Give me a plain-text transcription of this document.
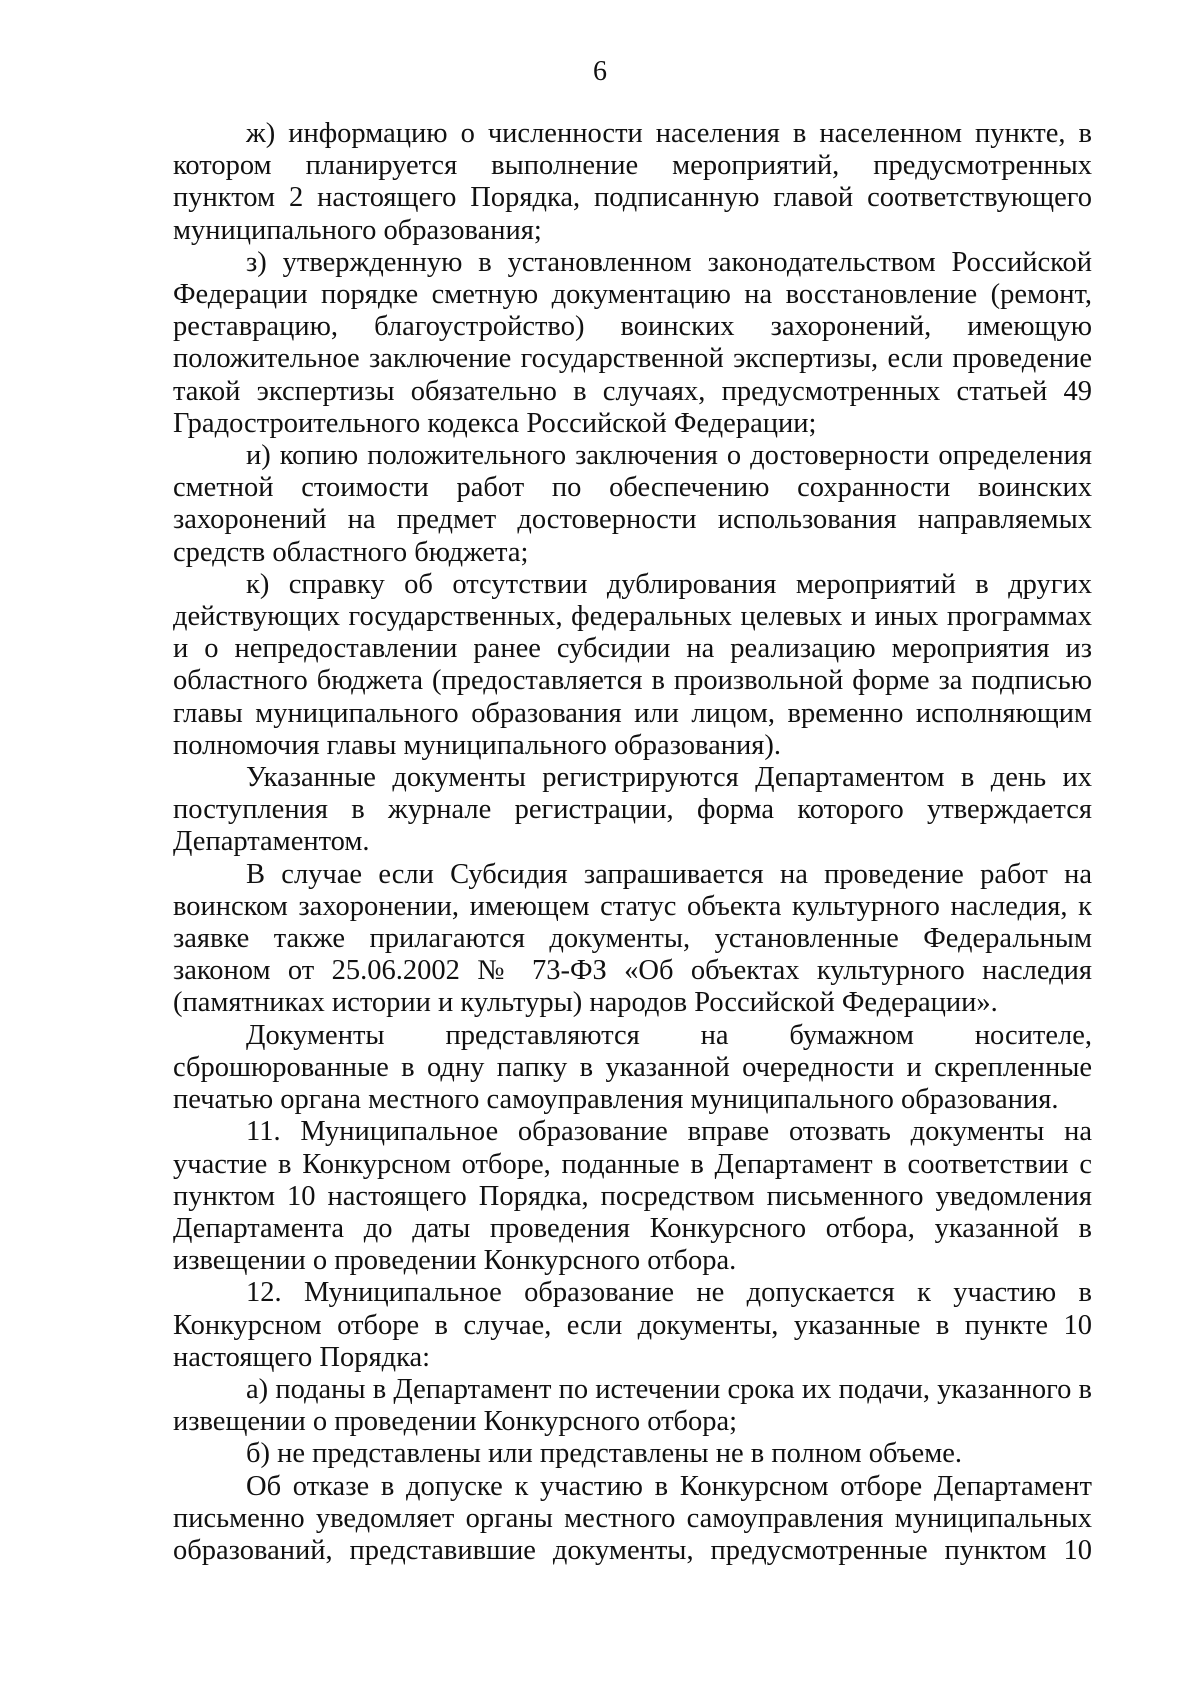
6

ж) информацию о численности населения в населенном пункте, в котором планируется выполнение мероприятий, предусмотренных пунктом 2 настоящего Порядка, подписанную главой соответствующего муниципального образования;

з) утвержденную в установленном законодательством Российской Федерации порядке сметную документацию на восстановление (ремонт, реставрацию, благоустройство) воинских захоронений, имеющую положительное заключение государственной экспертизы, если проведение такой экспертизы обязательно в случаях, предусмотренных статьей 49 Градостроительного кодекса Российской Федерации;

и) копию положительного заключения о достоверности определения сметной стоимости работ по обеспечению сохранности воинских захоронений на предмет достоверности использования направляемых средств областного бюджета;

к) справку об отсутствии дублирования мероприятий в других действующих государственных, федеральных целевых и иных программах и о непредоставлении ранее субсидии на реализацию мероприятия из областного бюджета (предоставляется в произвольной форме за подписью главы муниципального образования или лицом, временно исполняющим полномочия главы муниципального образования).

Указанные документы регистрируются Департаментом в день их поступления в журнале регистрации, форма которого утверждается Департаментом.

В случае если Субсидия запрашивается на проведение работ на воинском захоронении, имеющем статус объекта культурного наследия, к заявке также прилагаются документы, установленные Федеральным законом от 25.06.2002 № 73-ФЗ «Об объектах культурного наследия (памятниках истории и культуры) народов Российской Федерации».

Документы представляются на бумажном носителе, сброшюрованные в одну папку в указанной очередности и скрепленные печатью органа местного самоуправления муниципального образования.

11. Муниципальное образование вправе отозвать документы на участие в Конкурсном отборе, поданные в Департамент в соответствии с пунктом 10 настоящего Порядка, посредством письменного уведомления Департамента до даты проведения Конкурсного отбора, указанной в извещении о проведении Конкурсного отбора.

12. Муниципальное образование не допускается к участию в Конкурсном отборе в случае, если документы, указанные в пункте 10 настоящего Порядка:

а) поданы в Департамент по истечении срока их подачи, указанного в извещении о проведении Конкурсного отбора;

б) не представлены или представлены не в полном объеме.

Об отказе в допуске к участию в Конкурсном отборе Департамент письменно уведомляет органы местного самоуправления муниципальных образований, представившие документы, предусмотренные пунктом 10
